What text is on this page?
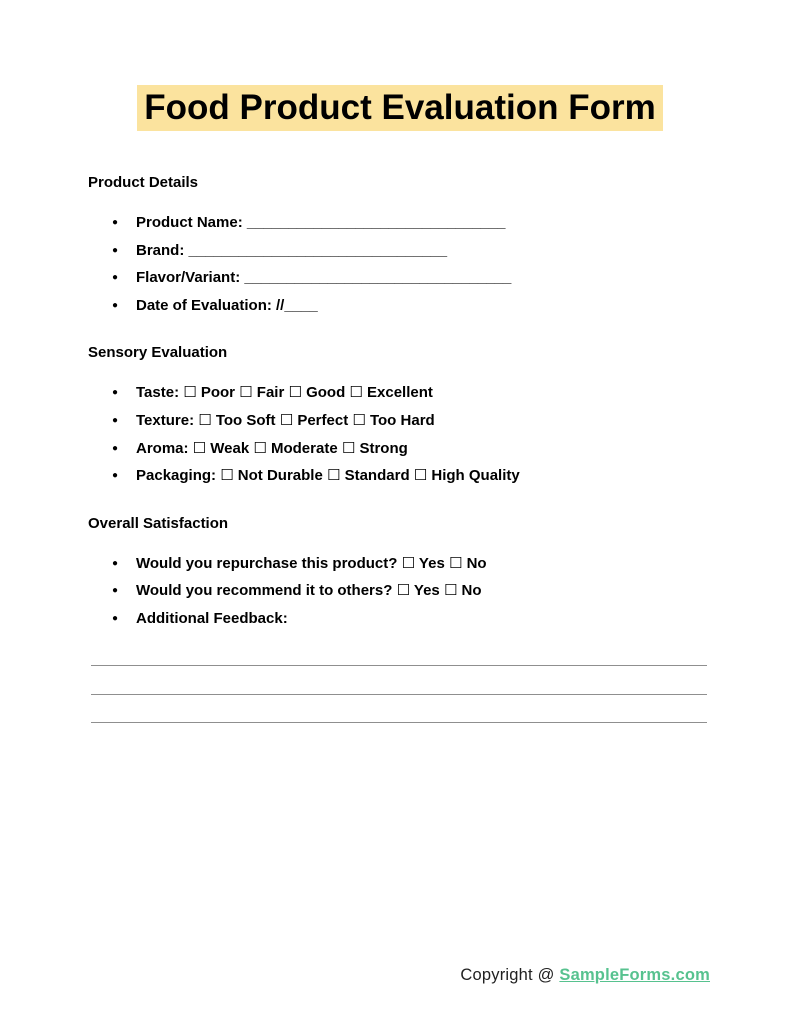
Food Product Evaluation Form
Product Details
● Product Name: _______________________________
● Brand: _______________________________
● Flavor/Variant: ________________________________
● Date of Evaluation: //____
Sensory Evaluation
● Taste: ☐ Poor ☐ Fair ☐ Good ☐ Excellent
● Texture: ☐ Too Soft ☐ Perfect ☐ Too Hard
● Aroma: ☐ Weak ☐ Moderate ☐ Strong
● Packaging: ☐ Not Durable ☐ Standard ☐ High Quality
Overall Satisfaction
● Would you repurchase this product? ☐ Yes ☐ No
● Would you recommend it to others? ☐ Yes ☐ No
● Additional Feedback:
Copyright @ SampleForms.com
